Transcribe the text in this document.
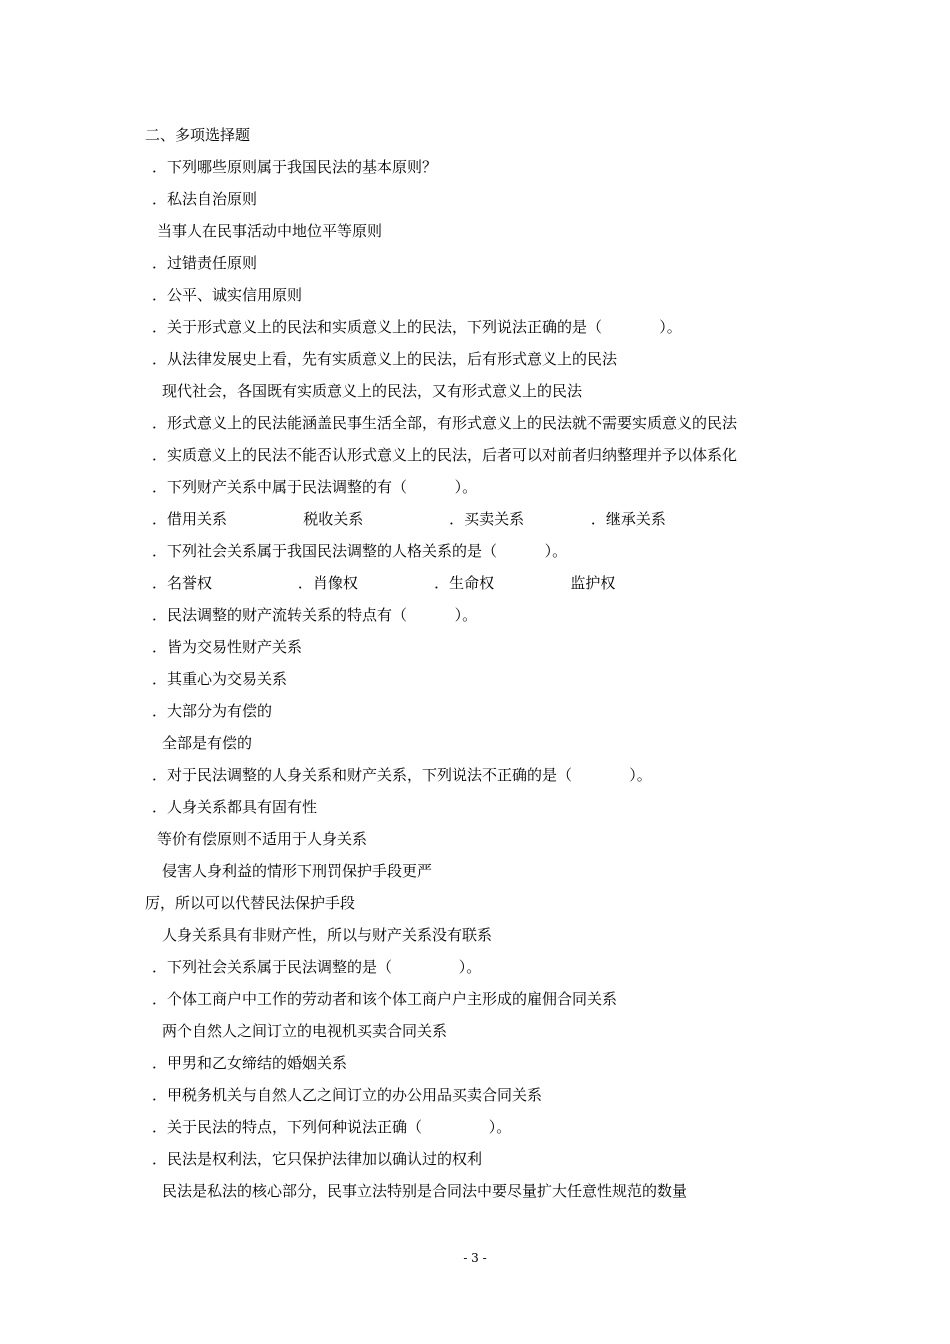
二、多项选择题
．下列哪些原则属于我国民法的基本原则？
．私法自治原则
当事人在民事活动中地位平等原则
．过错责任原则
．公平、诚实信用原则
．关于形式意义上的民法和实质意义上的民法，下列说法正确的是（            ）。
．从法律发展史上看，先有实质意义上的民法，后有形式意义上的民法
现代社会，各国既有实质意义上的民法，又有形式意义上的民法
．形式意义上的民法能涵盖民事生活全部，有形式意义上的民法就不需要实质意义的民法
．实质意义上的民法不能否认形式意义上的民法，后者可以对前者归纳整理并予以体系化
．下列财产关系中属于民法调整的有（          ）。
．借用关系                税收关系                  ．买卖关系              ．继承关系
．下列社会关系属于我国民法调整的人格关系的是（          ）。
．名誉权                  ．肖像权                ．生命权                监护权
．民法调整的财产流转关系的特点有（          ）。
．皆为交易性财产关系
．其重心为交易关系
．大部分为有偿的
全部是有偿的
．对于民法调整的人身关系和财产关系，下列说法不正确的是（            ）。
．人身关系都具有固有性
等价有偿原则不适用于人身关系
侵害人身利益的情形下刑罚保护手段更严
厉，所以可以代替民法保护手段
人身关系具有非财产性，所以与财产关系没有联系
．下列社会关系属于民法调整的是（              ）。
．个体工商户中工作的劳动者和该个体工商户户主形成的雇佣合同关系
两个自然人之间订立的电视机买卖合同关系
．甲男和乙女缔结的婚姻关系
．甲税务机关与自然人乙之间订立的办公用品买卖合同关系
．关于民法的特点，下列何种说法正确（              ）。
．民法是权利法，它只保护法律加以确认过的权利
民法是私法的核心部分，民事立法特别是合同法中要尽量扩大任意性规范的数量
- 3 -
